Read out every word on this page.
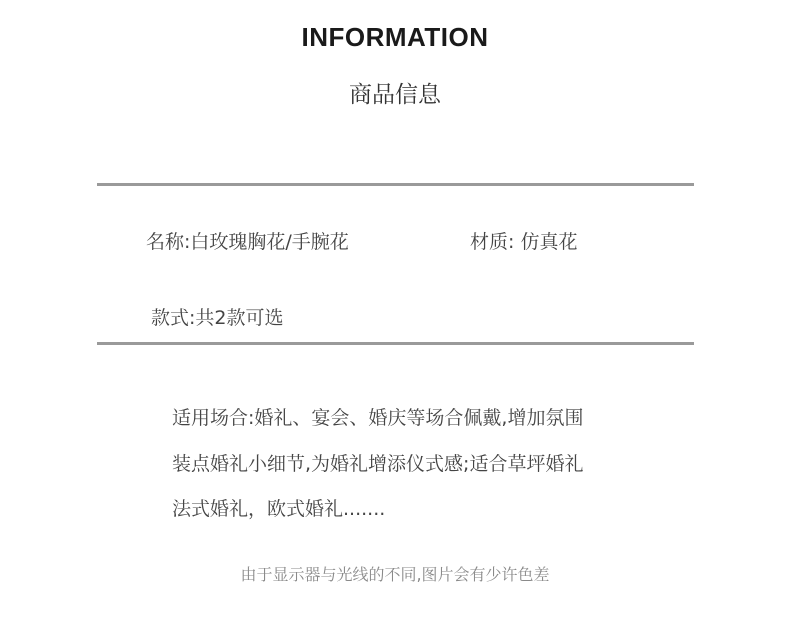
INFORMATION
商品信息
名称:白玫瑰胸花/手腕花	材质: 仿真花
款式:共2款可选
适用场合:婚礼、宴会、婚庆等场合佩戴,增加氛围
装点婚礼小细节,为婚礼增添仪式感;适合草坪婚礼
法式婚礼，欧式婚礼.......
由于显示器与光线的不同,图片会有少许色差
